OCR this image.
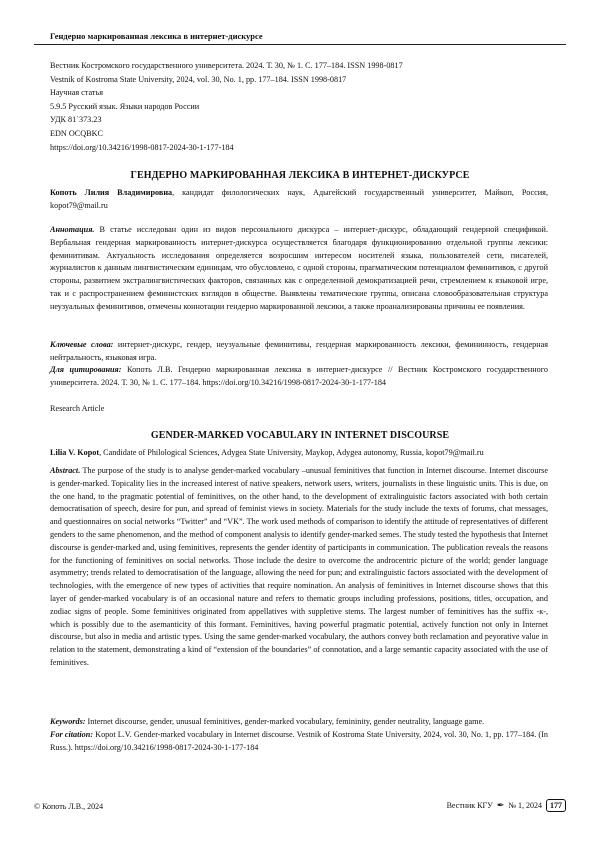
Гендерно маркированная лексика в интернет-дискурсе
Вестник Костромского государственного университета. 2024. Т. 30, № 1. С. 177–184. ISSN 1998-0817
Vestnik of Kostroma State University, 2024, vol. 30, No. 1, pp. 177–184. ISSN 1998-0817
Научная статья
5.9.5 Русский язык. Языки народов России
УДК 81`373.23
EDN OCQBKC
https://doi.org/10.34216/1998-0817-2024-30-1-177-184
ГЕНДЕРНО МАРКИРОВАННАЯ ЛЕКСИКА В ИНТЕРНЕТ-ДИСКУРСЕ
Копоть Лилия Владимировна, кандидат филологических наук, Адыгейский государственный университет, Майкоп, Россия, kopot79@mail.ru
Аннотация. В статье исследован один из видов персонального дискурса – интернет-дискурс, обладающий гендерной спецификой. Вербальная гендерная маркированность интернет-дискурса осуществляется благодаря функционированию отдельной группы лексики: феминитивам. Актуальность исследования определяется возросшим интересом носителей языка, пользователей сети, писателей, журналистов к данным лингвистическим единицам, что обусловлено, с одной стороны, прагматическим потенциалом феминитивов, с другой стороны, развитием экстралингвистических факторов, связанных как с определенной демократизацией речи, стремлением к языковой игре, так и с распространением феминистских взглядов в обществе. Выявлены тематические группы, описана словообразовательная структура неузуальных феминитивов, отмечены коннотации гендерно маркированной лексики, а также проанализированы причины ее появления.
Ключевые слова: интернет-дискурс, гендер, неузуальные феминитивы, гендерная маркированность лексики, фемининность, гендерная нейтральность, языковая игра.
Для цитирования: Копоть Л.В. Гендерно маркированная лексика в интернет-дискурсе // Вестник Костромского государственного университета. 2024. Т. 30, № 1. С. 177–184. https://doi.org/10.34216/1998-0817-2024-30-1-177-184
Research Article
GENDER-MARKED VOCABULARY IN INTERNET DISCOURSE
Lilia V. Kopot, Candidate of Philological Sciences, Adygea State University, Maykop, Adygea autonomy, Russia, kopot79@mail.ru
Abstract. The purpose of the study is to analyse gender-marked vocabulary –unusual feminitives that function in Internet discourse. Internet discourse is gender-marked. Topicality lies in the increased interest of native speakers, network users, writers, journalists in these linguistic units. This is due, on the one hand, to the pragmatic potential of feminitives, on the other hand, to the development of extralinguistic factors associated with both certain democratisation of speech, desire for pun, and spread of feminist views in society. Materials for the study include the texts of forums, chat messages, and questionnaires on social networks “Twitter” and “VK”. The work used methods of comparison to identify the attitude of representatives of different genders to the same phenomenon, and the method of component analysis to identify gender-marked semes. The study tested the hypothesis that Internet discourse is gender-marked and, using feminitives, represents the gender identity of participants in communication. The publication reveals the reasons for the functioning of feminitives on social networks. Those include the desire to overcome the androcentric picture of the world; gender language asymmetry; trends related to democratisation of the language, allowing the need for pun; and extralinguistic factors associated with the development of technologies, with the emergence of new types of activities that require nomination. An analysis of feminitives in Internet discourse shows that this layer of gender-marked vocabulary is of an occasional nature and refers to thematic groups including professions, positions, titles, occupation, and zodiac signs of people. Some feminitives originated from appellatives with suppletive stems. The largest number of feminitives has the suffix -к-, which is possibly due to the asemanticity of this formant. Feminitives, having powerful pragmatic potential, actively function not only in Internet discourse, but also in media and artistic types. Using the same gender-marked vocabulary, the authors convey both reclamation and peyorative value in relation to the statement, demonstrating a kind of “extension of the boundaries” of connotation, and a large semantic capacity associated with the use of feminitives.
Keywords: Internet discourse, gender, unusual feminitives, gender-marked vocabulary, femininity, gender neutrality, language game.
For citation: Kopot L.V. Gender-marked vocabulary in Internet discourse. Vestnik of Kostroma State University, 2024, vol. 30, No. 1, pp. 177–184. (In Russ.). https://doi.org/10.34216/1998-0817-2024-30-1-177-184
© Копоть Л.В., 2024	Вестник КГУ ✒ № 1, 2024	177
